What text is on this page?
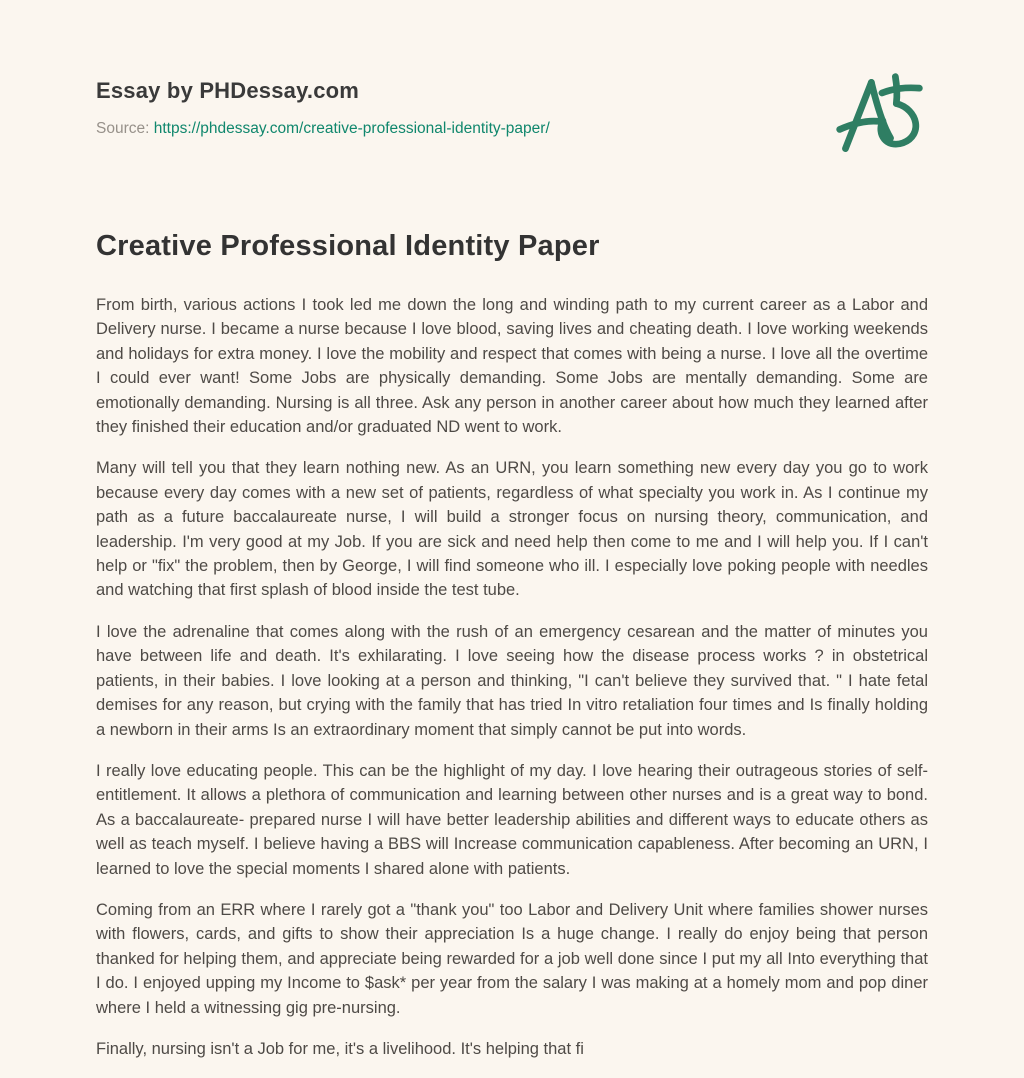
Essay by PHDessay.com
Source: https://phdessay.com/creative-professional-identity-paper/
Creative Professional Identity Paper

From birth, various actions I took led me down the long and winding path to my current career as a Labor and Delivery nurse. I became a nurse because I love blood, saving lives and cheating death. I love working weekends and holidays for extra money. I love the mobility and respect that comes with being a nurse. I love all the overtime I could ever want! Some Jobs are physically demanding. Some Jobs are mentally demanding. Some are emotionally demanding. Nursing is all three. Ask any person in another career about how much they learned after they finished their education and/or graduated ND went to work.

Many will tell you that they learn nothing new. As an URN, you learn something new every day you go to work because every day comes with a new set of patients, regardless of what specialty you work in. As I continue my path as a future baccalaureate nurse, I will build a stronger focus on nursing theory, communication, and leadership. I'm very good at my Job. If you are sick and need help then come to me and I will help you. If I can't help or "fix" the problem, then by George, I will find someone who ill. I especially love poking people with needles and watching that first splash of blood inside the test tube.

I love the adrenaline that comes along with the rush of an emergency cesarean and the matter of minutes you have between life and death. It's exhilarating. I love seeing how the disease process works ? in obstetrical patients, in their babies. I love looking at a person and thinking, "I can't believe they survived that. " I hate fetal demises for any reason, but crying with the family that has tried In vitro retaliation four times and Is finally holding a newborn in their arms Is an extraordinary moment that simply cannot be put into words.

I really love educating people. This can be the highlight of my day. I love hearing their outrageous stories of self-entitlement. It allows a plethora of communication and learning between other nurses and is a great way to bond. As a baccalaureate- prepared nurse I will have better leadership abilities and different ways to educate others as well as teach myself. I believe having a BBS will Increase communication capableness. After becoming an URN, I learned to love the special moments I shared alone with patients.

Coming from an ERR where I rarely got a "thank you" too Labor and Delivery Unit where families shower nurses with flowers, cards, and gifts to show their appreciation Is a huge change. I really do enjoy being that person thanked for helping them, and appreciate being rewarded for a job well done since I put my all Into everything that I do. I enjoyed upping my Income to $ask* per year from the salary I was making at a homely mom and pop diner where I held a witnessing gig pre-nursing.

Finally, nursing isn't a Job for me, it's a livelihood. It's helping that fi
